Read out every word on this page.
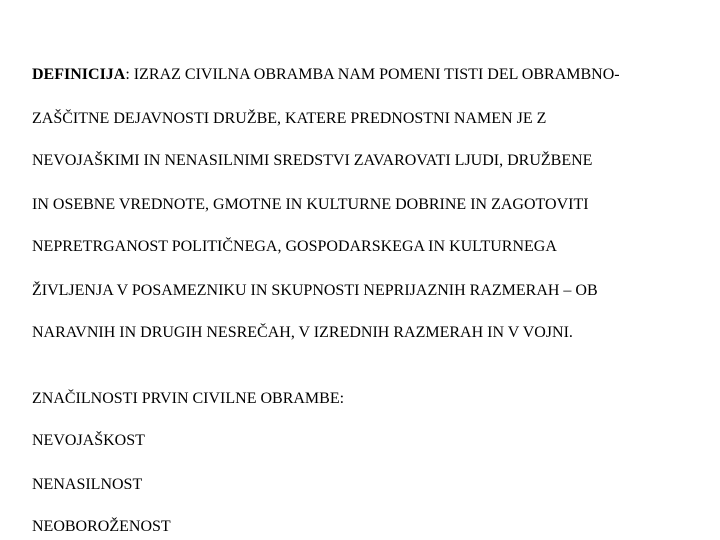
DEFINICIJA: IZRAZ CIVILNA OBRAMBA NAM POMENI TISTI DEL OBRAMBNO-

ZAŠČITNE DEJAVNOSTI DRUŽBE, KATERE PREDNOSTNI NAMEN JE Z

NEVOJAŠKIMI IN NENASILNIMI SREDSTVI ZAVAROVATI LJUDI, DRUŽBENE

IN OSEBNE VREDNOTE, GMOTNE IN KULTURNE DOBRINE IN ZAGOTOVITI

NEPRETRGANOST POLITIČNEGA, GOSPODARSKEGA IN KULTURNEGA

ŽIVLJENJA V POSAMEZNIKU IN SKUPNOSTI NEPRIJAZNIH RAZMERAH – OB

NARAVNIH IN DRUGIH NESREČAH, V IZREDNIH RAZMERAH IN V VOJNI.

ZNAČILNOSTI PRVIN CIVILNE OBRAMBE:

NEVOJAŠKOST

NENASILNOST

NEOBOROŽENOST
